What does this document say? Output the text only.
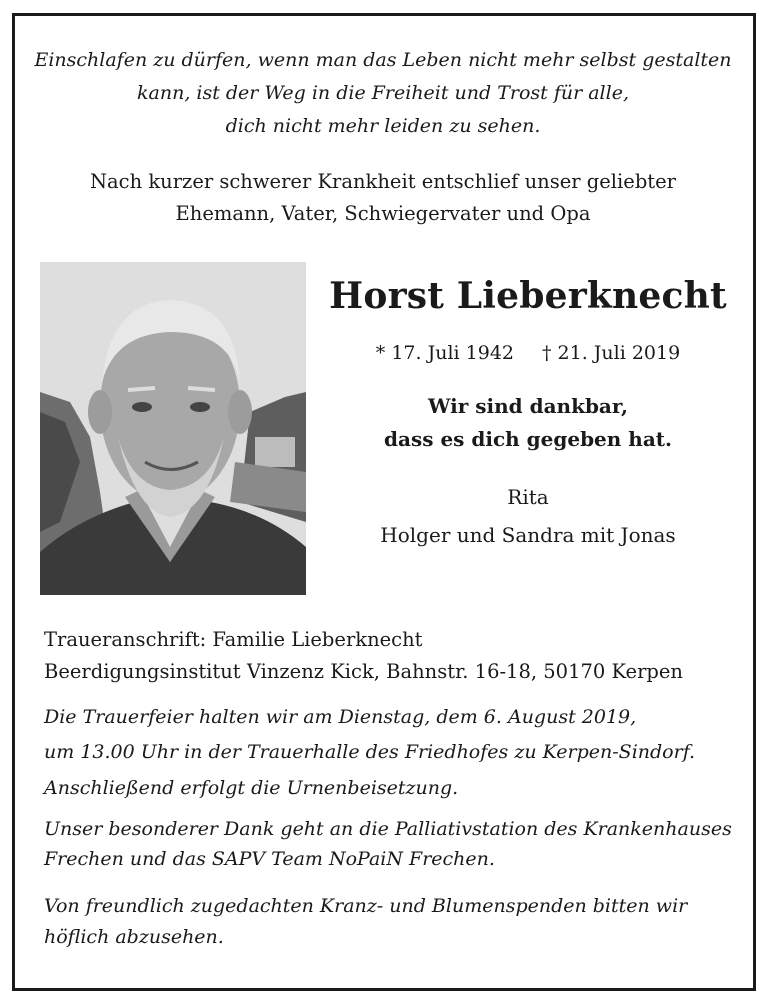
Einschlafen zu dürfen, wenn man das Leben nicht mehr selbst gestalten
kann, ist der Weg in die Freiheit und Trost für alle,
dich nicht mehr leiden zu sehen.
Nach kurzer schwerer Krankheit entschlief unser geliebter
Ehemann, Vater, Schwiegervater und Opa
Horst Lieberknecht
* 17. Juli 1942 † 21. Juli 2019
Wir sind dankbar,
dass es dich gegeben hat.
Rita
Holger und Sandra mit Jonas
Traueranschrift: Familie Lieberknecht
Beerdigungsinstitut Vinzenz Kick, Bahnstr. 16-18, 50170 Kerpen
Die Trauerfeier halten wir am Dienstag, dem 6. August 2019,
um 13.00 Uhr in der Trauerhalle des Friedhofes zu Kerpen-Sindorf.
Anschließend erfolgt die Urnenbeisetzung.
Unser besonderer Dank geht an die Palliativstation des Krankenhauses
Frechen und das SAPV Team NoPaiN Frechen.
Von freundlich zugedachten Kranz- und Blumenspenden bitten wir
höflich abzusehen.
